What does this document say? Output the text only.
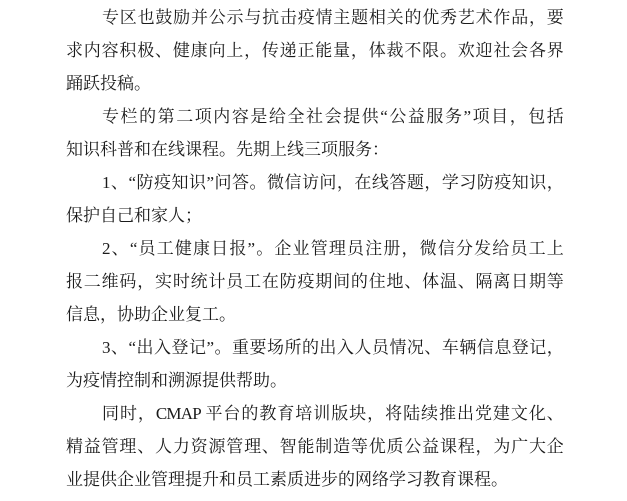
专区也鼓励并公示与抗击疫情主题相关的优秀艺术作品，要
求内容积极、健康向上，传递正能量，体裁不限。欢迎社会各界
踊跃投稿。
专栏的第二项内容是给全社会提供“公益服务”项目，包括
知识科普和在线课程。先期上线三项服务：
1、“防疫知识”问答。微信访问，在线答题，学习防疫知识，
保护自己和家人；
2、“员工健康日报”。企业管理员注册，微信分发给员工上
报二维码，实时统计员工在防疫期间的住地、体温、隔离日期等
信息，协助企业复工。
3、“出入登记”。重要场所的出入人员情况、车辆信息登记，
为疫情控制和溯源提供帮助。
同时，CMAP 平台的教育培训版块，将陆续推出党建文化、
精益管理、人力资源管理、智能制造等优质公益课程，为广大企
业提供企业管理提升和员工素质进步的网络学习教育课程。
